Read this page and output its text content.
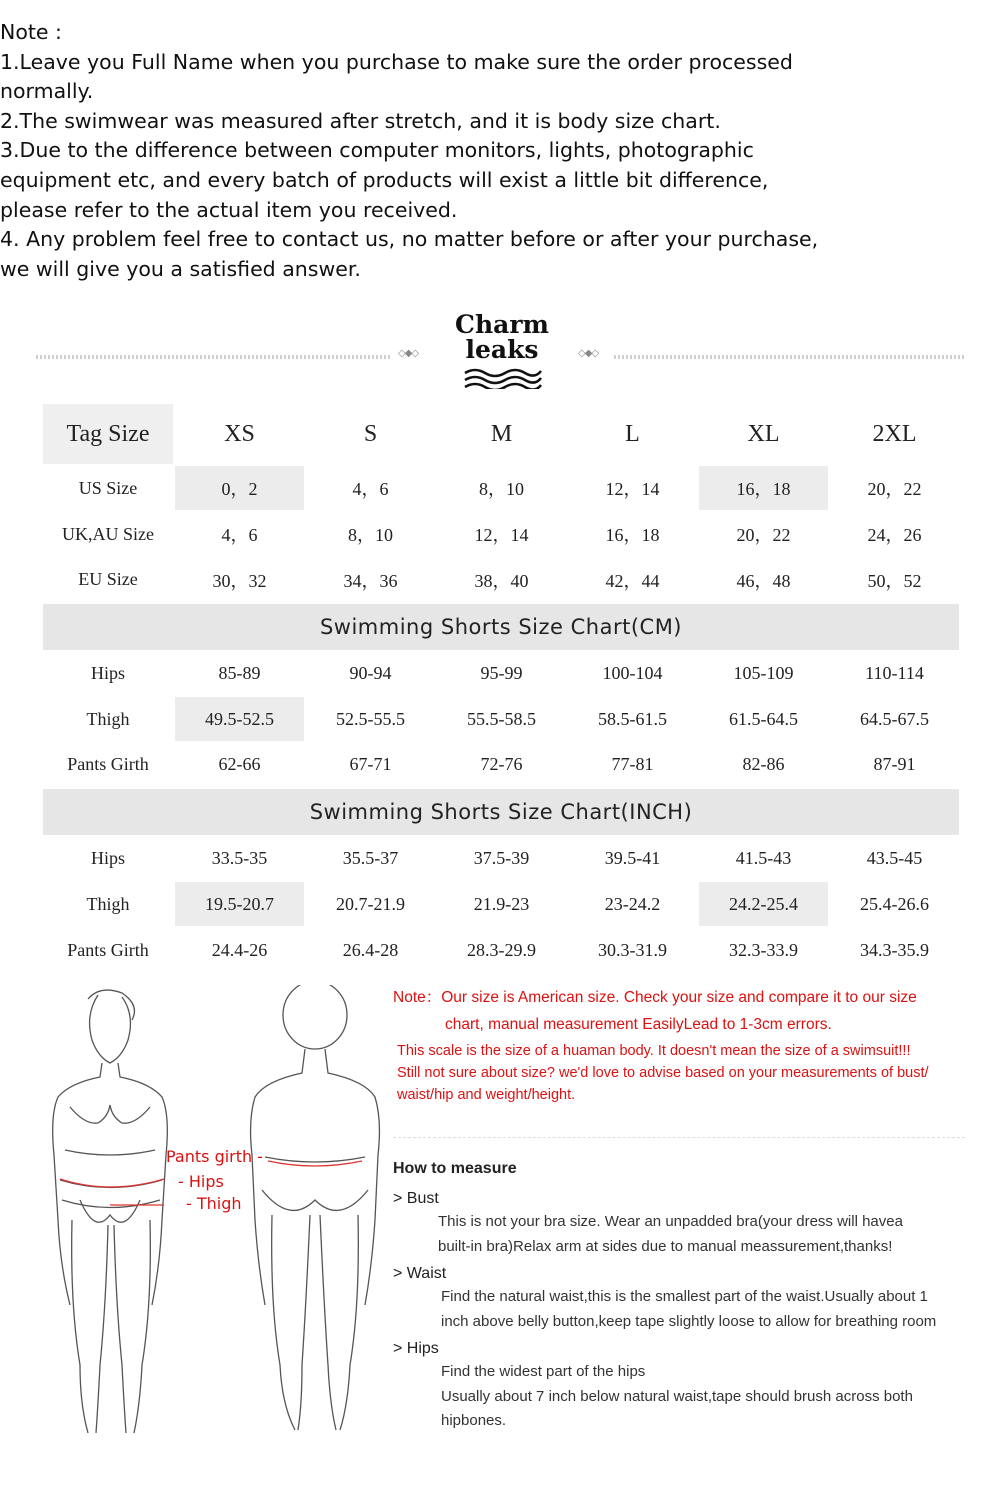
Note :

1.Leave you Full Name when you purchase to make sure the order processed normally.

2.The swimwear was measured after stretch, and it is body size chart.

3.Due to the difference between computer monitors, lights, photographic equipment etc, and every batch of products will exist a little bit difference, please refer to the actual item you received.

4. Any problem feel free to contact us, no matter before or after your purchase, we will give you a satisfied answer.

◇◆◇
Charm
leaks	◇◆◇
Tag Size	XS	S	M	L	XL	2XL
US Size	0，2	4，6	8，10	12，14	16，18	20，22
UK,AU Size	4，6	8，10	12，14	16，18	20，22	24，26
EU Size	30，32	34，36	38，40	42，44	46，48	50，52
Swimming Shorts Size Chart(CM)						
Hips	85-89	90-94	95-99	100-104	105-109	110-114
Thigh	49.5-52.5	52.5-55.5	55.5-58.5	58.5-61.5	61.5-64.5	64.5-67.5
Pants Girth	62-66	67-71	72-76	77-81	82-86	87-91
Swimming Shorts Size Chart(INCH)						
Hips	33.5-35	35.5-37	37.5-39	39.5-41	41.5-43	43.5-45
Thigh	19.5-20.7	20.7-21.9	21.9-23	23-24.2	24.2-25.4	25.4-26.6
Pants Girth	24.4-26	26.4-28	28.3-29.9	30.3-31.9	32.3-33.9	34.3-35.9
Pants girth -
- Hips
- Thigh
Note：Our size is American size. Check your size and compare it to our size
chart, manual measurement EasilyLead to 1-3cm errors.
This scale is the size of a huaman body. It doesn't mean the size of a swimsuit!!!
Still not sure about size? we'd love to advise based on your measurements of bust/
waist/hip and weight/height.
How to measure
> Bust
This is not your bra size. Wear an unpadded bra(your dress will havea
built-in bra)Relax arm at sides due to manual meassurement,thanks!
> Waist
Find the natural waist,this is the smallest part of the waist.Usually about 1
inch above belly button,keep tape slightly loose to allow for breathing room
> Hips
Find the widest part of the hips
Usually about 7 inch below natural waist,tape should brush across both
hipbones.
